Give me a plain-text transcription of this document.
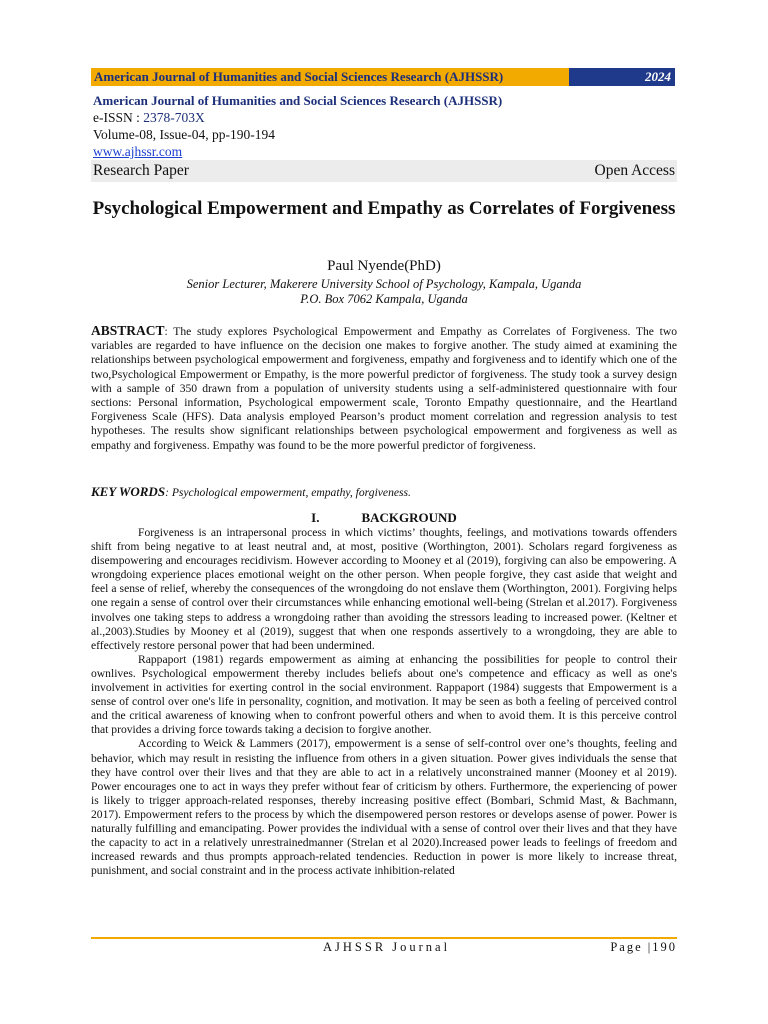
American Journal of Humanities and Social Sciences Research (AJHSSR)	2024
American Journal of Humanities and Social Sciences Research (AJHSSR)
e-ISSN : 2378-703X
Volume-08, Issue-04, pp-190-194
www.ajhssr.com
Research Paper	Open Access
Psychological Empowerment and Empathy as Correlates of Forgiveness
Paul Nyende(PhD)
Senior Lecturer, Makerere University School of Psychology, Kampala, Uganda
P.O. Box 7062 Kampala, Uganda
ABSTRACT: The study explores Psychological Empowerment and Empathy as Correlates of Forgiveness. The two variables are regarded to have influence on the decision one makes to forgive another. The study aimed at examining the relationships between psychological empowerment and forgiveness, empathy and forgiveness and to identify which one of the two,Psychological Empowerment or Empathy, is the more powerful predictor of forgiveness. The study took a survey design with a sample of 350 drawn from a population of university students using a self-administered questionnaire with four sections: Personal information, Psychological empowerment scale, Toronto Empathy questionnaire, and the Heartland Forgiveness Scale (HFS). Data analysis employed Pearson’s product moment correlation and regression analysis to test hypotheses. The results show significant relationships between psychological empowerment and forgiveness as well as empathy and forgiveness. Empathy was found to be the more powerful predictor of forgiveness.
KEY WORDS: Psychological empowerment, empathy, forgiveness.
I.	BACKGROUND

Forgiveness is an intrapersonal process in which victims’ thoughts, feelings, and motivations towards offenders shift from being negative to at least neutral and, at most, positive (Worthington, 2001). Scholars regard forgiveness as disempowering and encourages recidivism. However according to Mooney et al (2019), forgiving can also be empowering. A wrongdoing experience places emotional weight on the other person. When people forgive, they cast aside that weight and feel a sense of relief, whereby the consequences of the wrongdoing do not enslave them (Worthington, 2001). Forgiving helps one regain a sense of control over their circumstances while enhancing emotional well-being (Strelan et al.2017). Forgiveness involves one taking steps to address a wrongdoing rather than avoiding the stressors leading to increased power. (Keltner et al.,2003).Studies by Mooney et al (2019), suggest that when one responds assertively to a wrongdoing, they are able to effectively restore personal power that had been undermined.

Rappaport (1981) regards empowerment as aiming at enhancing the possibilities for people to control their ownlives. Psychological empowerment thereby includes beliefs about one's competence and efficacy as well as one's involvement in activities for exerting control in the social environment. Rappaport (1984) suggests that Empowerment is a sense of control over one's life in personality, cognition, and motivation. It may be seen as both a feeling of perceived control and the critical awareness of knowing when to confront powerful others and when to avoid them. It is this perceive control that provides a driving force towards taking a decision to forgive another.

According to Weick & Lammers (2017), empowerment is a sense of self-control over one’s thoughts, feeling and behavior, which may result in resisting the influence from others in a given situation. Power gives individuals the sense that they have control over their lives and that they are able to act in a relatively unconstrained manner (Mooney et al 2019). Power encourages one to act in ways they prefer without fear of criticism by others. Furthermore, the experiencing of power is likely to trigger approach-related responses, thereby increasing positive effect (Bombari, Schmid Mast, & Bachmann, 2017). Empowerment refers to the process by which the disempowered person restores or develops asense of power. Power is naturally fulfilling and emancipating. Power provides the individual with a sense of control over their lives and that they have the capacity to act in a relatively unrestrainedmanner (Strelan et al 2020).Increased power leads to feelings of freedom and increased rewards and thus prompts approach-related tendencies. Reduction in power is more likely to increase threat, punishment, and social constraint and in the process activate inhibition-related

AJHSSR Journal	Page |190
